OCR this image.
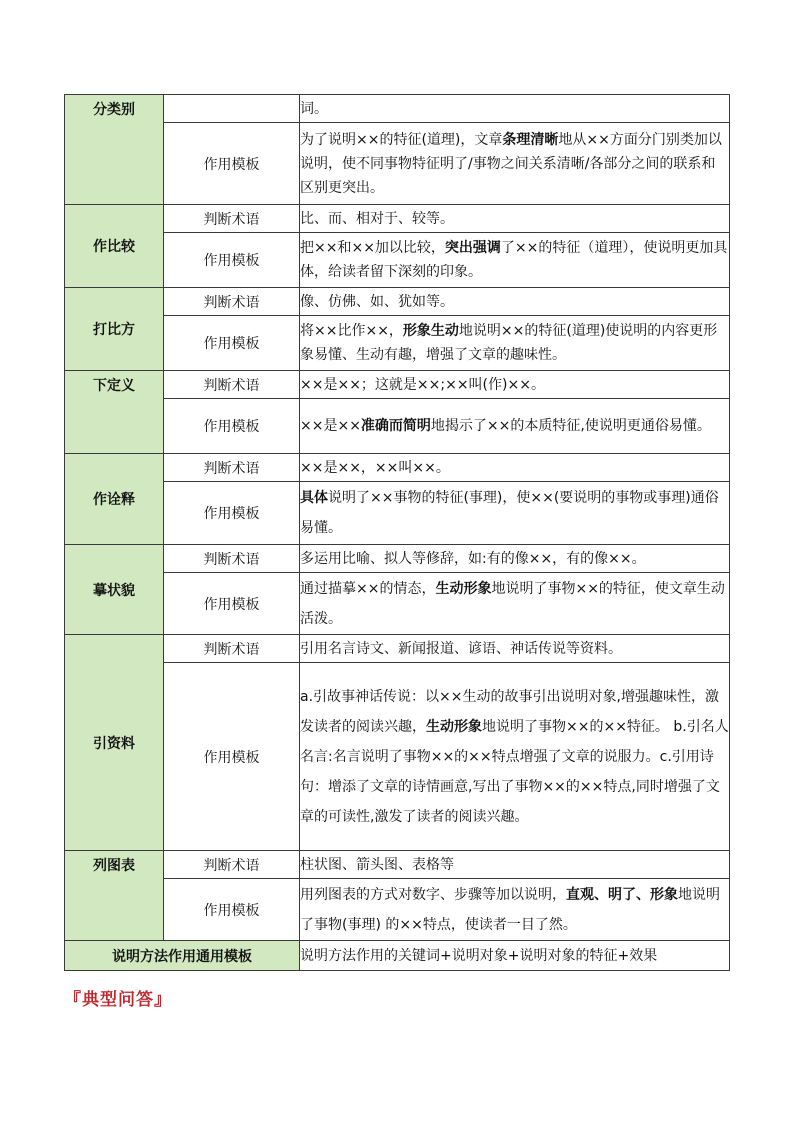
分类别		词。
	作用模板	为了说明××的特征(道理)，文章条理清晰地从××方面分门别类加以说明，使不同事物特征明了/事物之间关系清晰/各部分之间的联系和区别更突出。
作比较	判断术语	比、而、相对于、较等。
	作用模板	把××和××加以比较，突出强调了××的特征（道理），使说明更加具体，给读者留下深刻的印象。
打比方	判断术语	像、仿佛、如、犹如等。
	作用模板	将××比作××，形象生动地说明××的特征(道理)使说明的内容更形象易懂、生动有趣，增强了文章的趣味性。
下定义	判断术语	××是××；这就是××;××叫(作)××。
	作用模板	××是××准确而简明地揭示了××的本质特征,使说明更通俗易懂。
作诠释	判断术语	××是××，××叫××。
	作用模板	具体说明了××事物的特征(事理)，使××(要说明的事物或事理)通俗易懂。
摹状貌	判断术语	多运用比喻、拟人等修辞，如:有的像××，有的像××。
	作用模板	通过描摹××的情态，生动形象地说明了事物××的特征，使文章生动活泼。
引资料	判断术语	引用名言诗文、新闻报道、谚语、神话传说等资料。
	作用模板	a.引故事神话传说：以××生动的故事引出说明对象,增强趣味性，激发读者的阅读兴趣，生动形象地说明了事物××的××特征。 b.引名人名言:名言说明了事物××的××特点增强了文章的说服力。c.引用诗句：增添了文章的诗情画意,写出了事物××的××特点,同时增强了文章的可读性,激发了读者的阅读兴趣。
列图表	判断术语	柱状图、箭头图、表格等
	作用模板	用列图表的方式对数字、步骤等加以说明，直观、明了、形象地说明了事物(事理) 的××特点，使读者一目了然。
说明方法作用通用模板		说明方法作用的关键词+说明对象+说明对象的特征+效果
『典型问答』
